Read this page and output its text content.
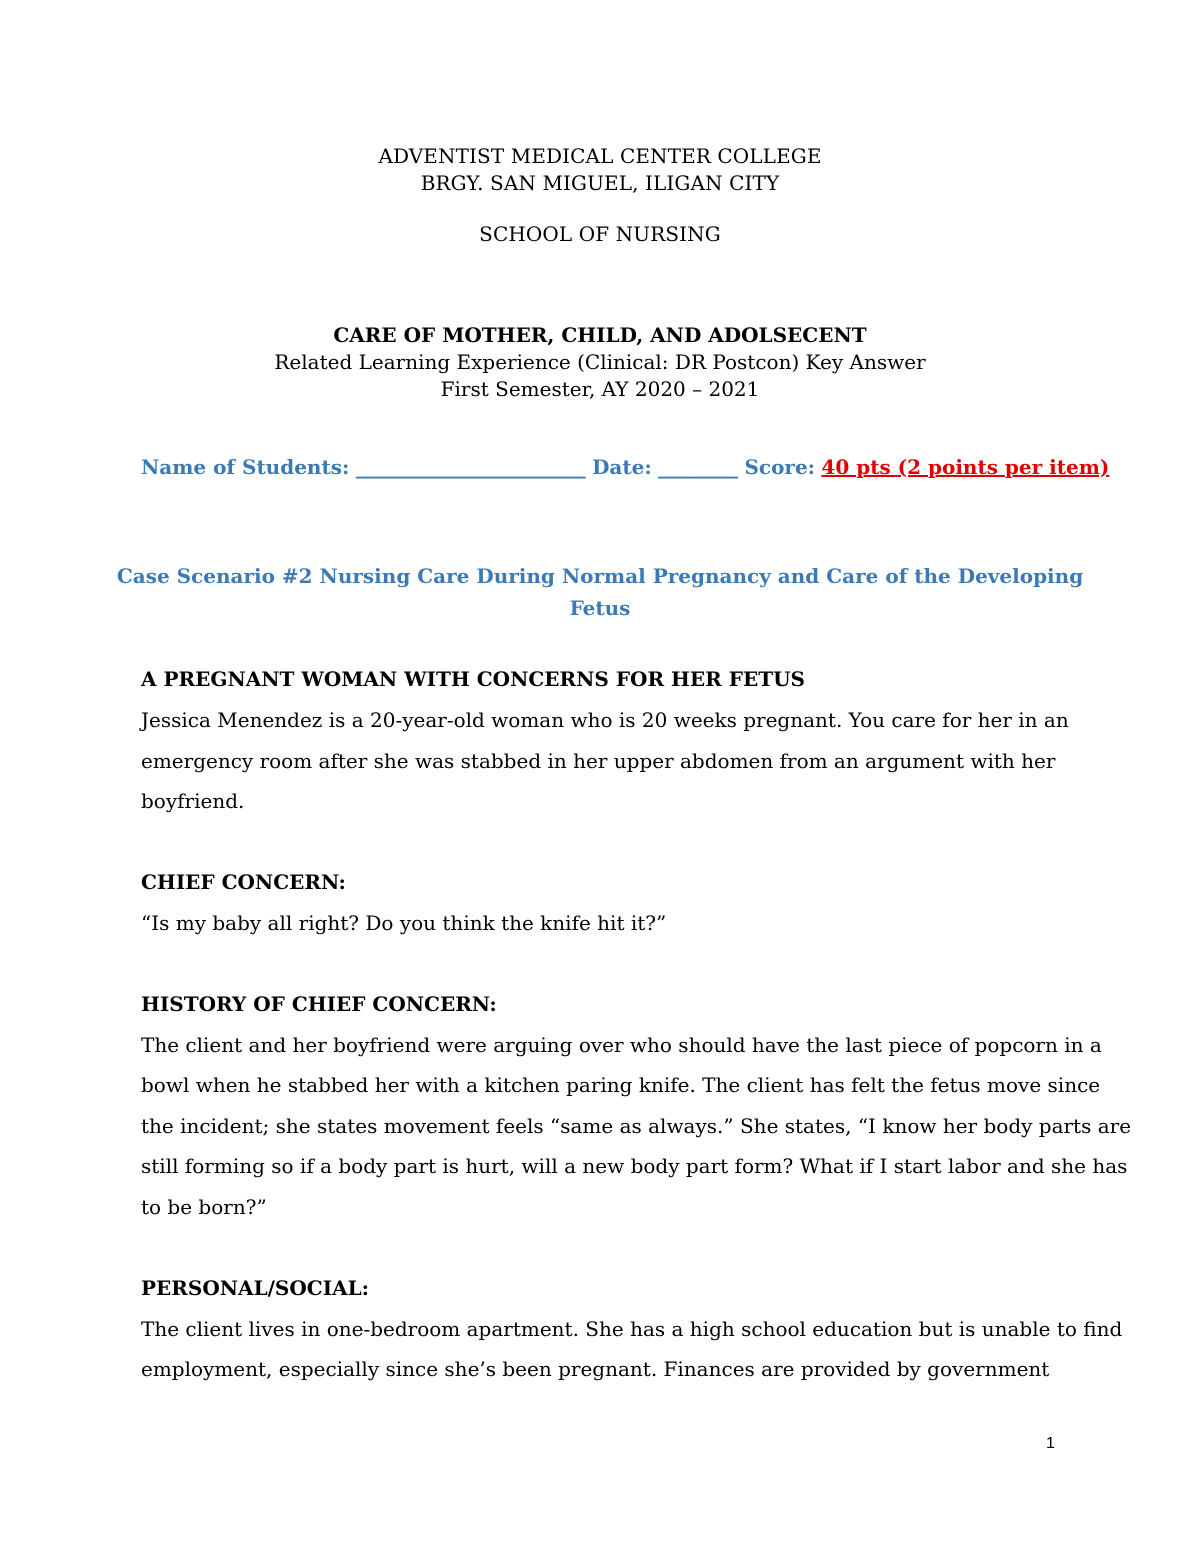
ADVENTIST MEDICAL CENTER COLLEGE
BRGY. SAN MIGUEL, ILIGAN CITY
SCHOOL OF NURSING
CARE OF MOTHER, CHILD, AND ADOLSECENT
Related Learning Experience (Clinical: DR Postcon) Key Answer
First Semester, AY 2020 – 2021
Name of Students: _______________________ Date: ________ Score: 40 pts (2 points per item)
Case Scenario #2 Nursing Care During Normal Pregnancy and Care of the Developing
Fetus
A PREGNANT WOMAN WITH CONCERNS FOR HER FETUS
Jessica Menendez is a 20-year-old woman who is 20 weeks pregnant. You care for her in an
emergency room after she was stabbed in her upper abdomen from an argument with her
boyfriend.
CHIEF CONCERN:
“Is my baby all right? Do you think the knife hit it?”
HISTORY OF CHIEF CONCERN:
The client and her boyfriend were arguing over who should have the last piece of popcorn in a
bowl when he stabbed her with a kitchen paring knife. The client has felt the fetus move since
the incident; she states movement feels “same as always.” She states, “I know her body parts are
still forming so if a body part is hurt, will a new body part form? What if I start labor and she has
to be born?”
PERSONAL/SOCIAL:
The client lives in one-bedroom apartment. She has a high school education but is unable to find
employment, especially since she’s been pregnant. Finances are provided by government
1
